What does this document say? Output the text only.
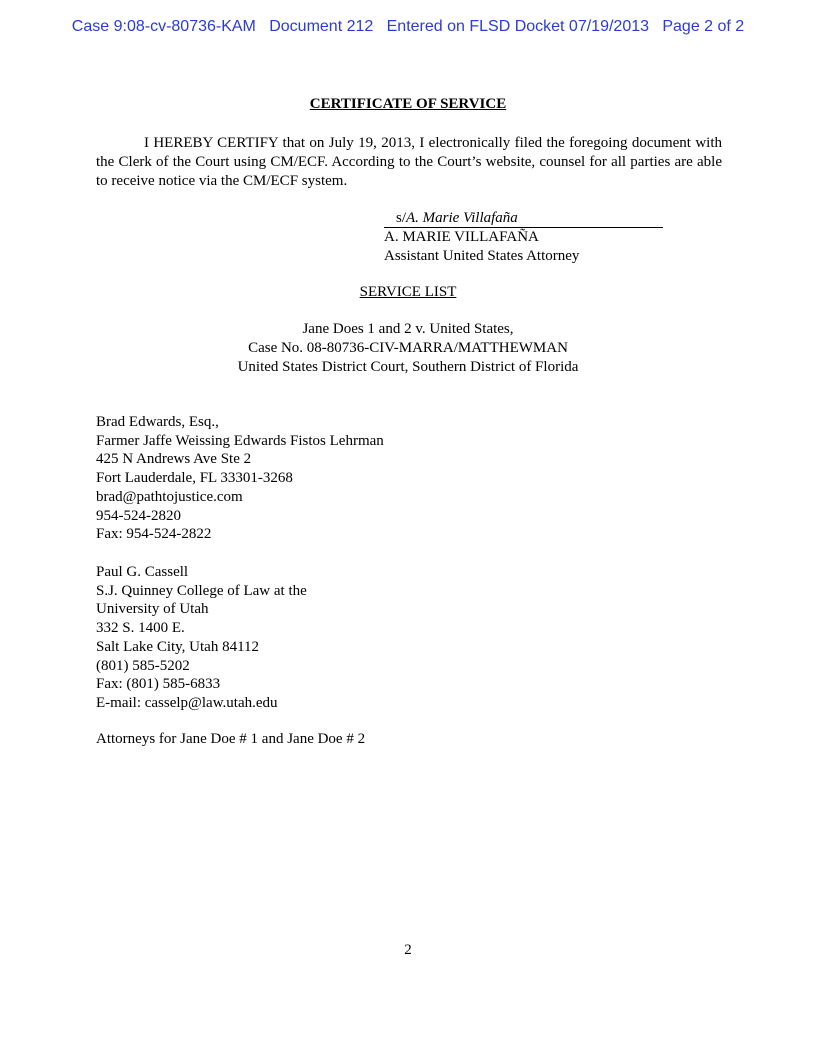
Case 9:08-cv-80736-KAM   Document 212   Entered on FLSD Docket 07/19/2013   Page 2 of 2
CERTIFICATE OF SERVICE
I HEREBY CERTIFY that on July 19, 2013, I electronically filed the foregoing document with the Clerk of the Court using CM/ECF. According to the Court’s website, counsel for all parties are able to receive notice via the CM/ECF system.
s/A. Marie Villafaña
A. MARIE VILLAFAÑA
Assistant United States Attorney
SERVICE LIST
Jane Does 1 and 2 v. United States,
Case No. 08-80736-CIV-MARRA/MATTHEWMAN
United States District Court, Southern District of Florida
Brad Edwards, Esq.,
Farmer Jaffe Weissing Edwards Fistos Lehrman
425 N Andrews Ave Ste 2
Fort Lauderdale, FL 33301-3268
brad@pathtojustice.com
954-524-2820
Fax: 954-524-2822
Paul G. Cassell
S.J. Quinney College of Law at the
University of Utah
332 S. 1400 E.
Salt Lake City, Utah 84112
(801) 585-5202
Fax: (801) 585-6833
E-mail: casselp@law.utah.edu
Attorneys for Jane Doe # 1 and Jane Doe # 2
2
